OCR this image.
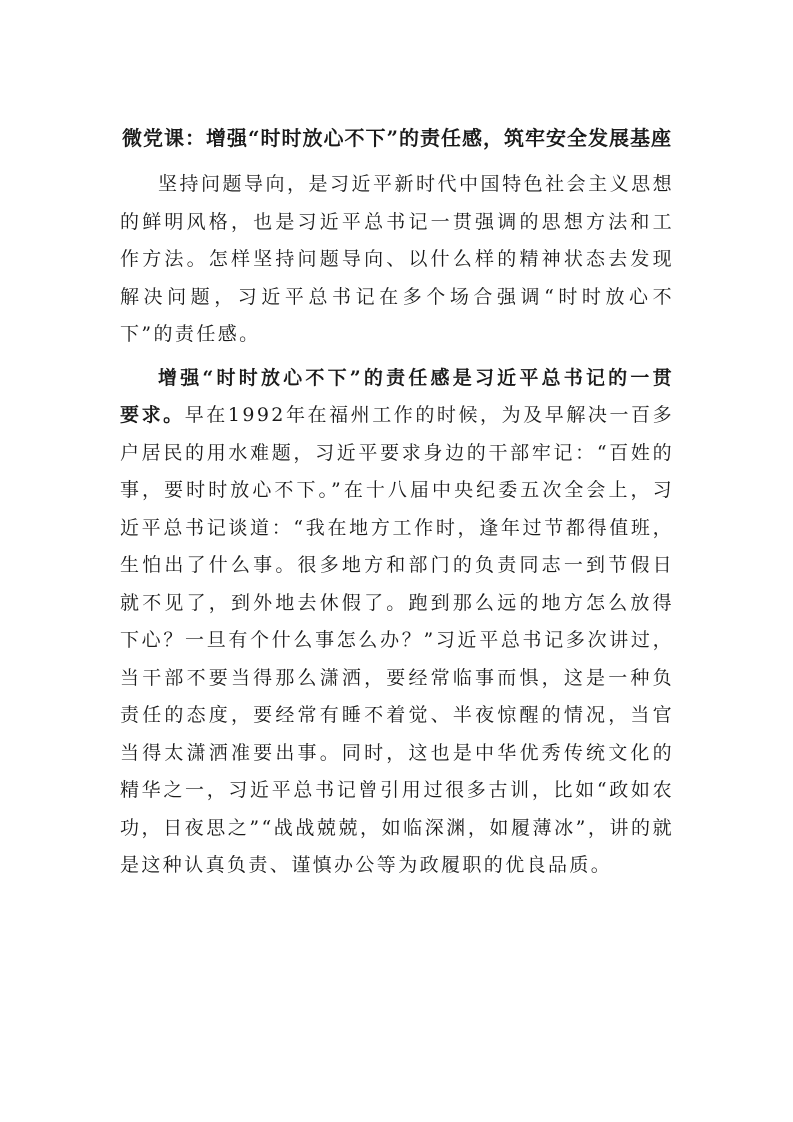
微党课：增强“时时放心不下”的责任感，筑牢安全发展基座

坚持问题导向，是习近平新时代中国特色社会主义思想的鲜明风格，也是习近平总书记一贯强调的思想方法和工作方法。怎样坚持问题导向、以什么样的精神状态去发现解决问题，习近平总书记在多个场合强调“时时放心不下”的责任感。

增强“时时放心不下”的责任感是习近平总书记的一贯要求。早在1992年在福州工作的时候，为及早解决一百多户居民的用水难题，习近平要求身边的干部牢记：“百姓的事，要时时放心不下。”在十八届中央纪委五次全会上，习近平总书记谈道：“我在地方工作时，逢年过节都得值班，生怕出了什么事。很多地方和部门的负责同志一到节假日就不见了，到外地去休假了。跑到那么远的地方怎么放得下心？一旦有个什么事怎么办？”习近平总书记多次讲过，当干部不要当得那么潇洒，要经常临事而惧，这是一种负责任的态度，要经常有睡不着觉、半夜惊醒的情况，当官当得太潇洒准要出事。同时，这也是中华优秀传统文化的精华之一，习近平总书记曾引用过很多古训，比如“政如农功，日夜思之”“战战兢兢，如临深渊，如履薄冰”，讲的就是这种认真负责、谨慎办公等为政履职的优良品质。
